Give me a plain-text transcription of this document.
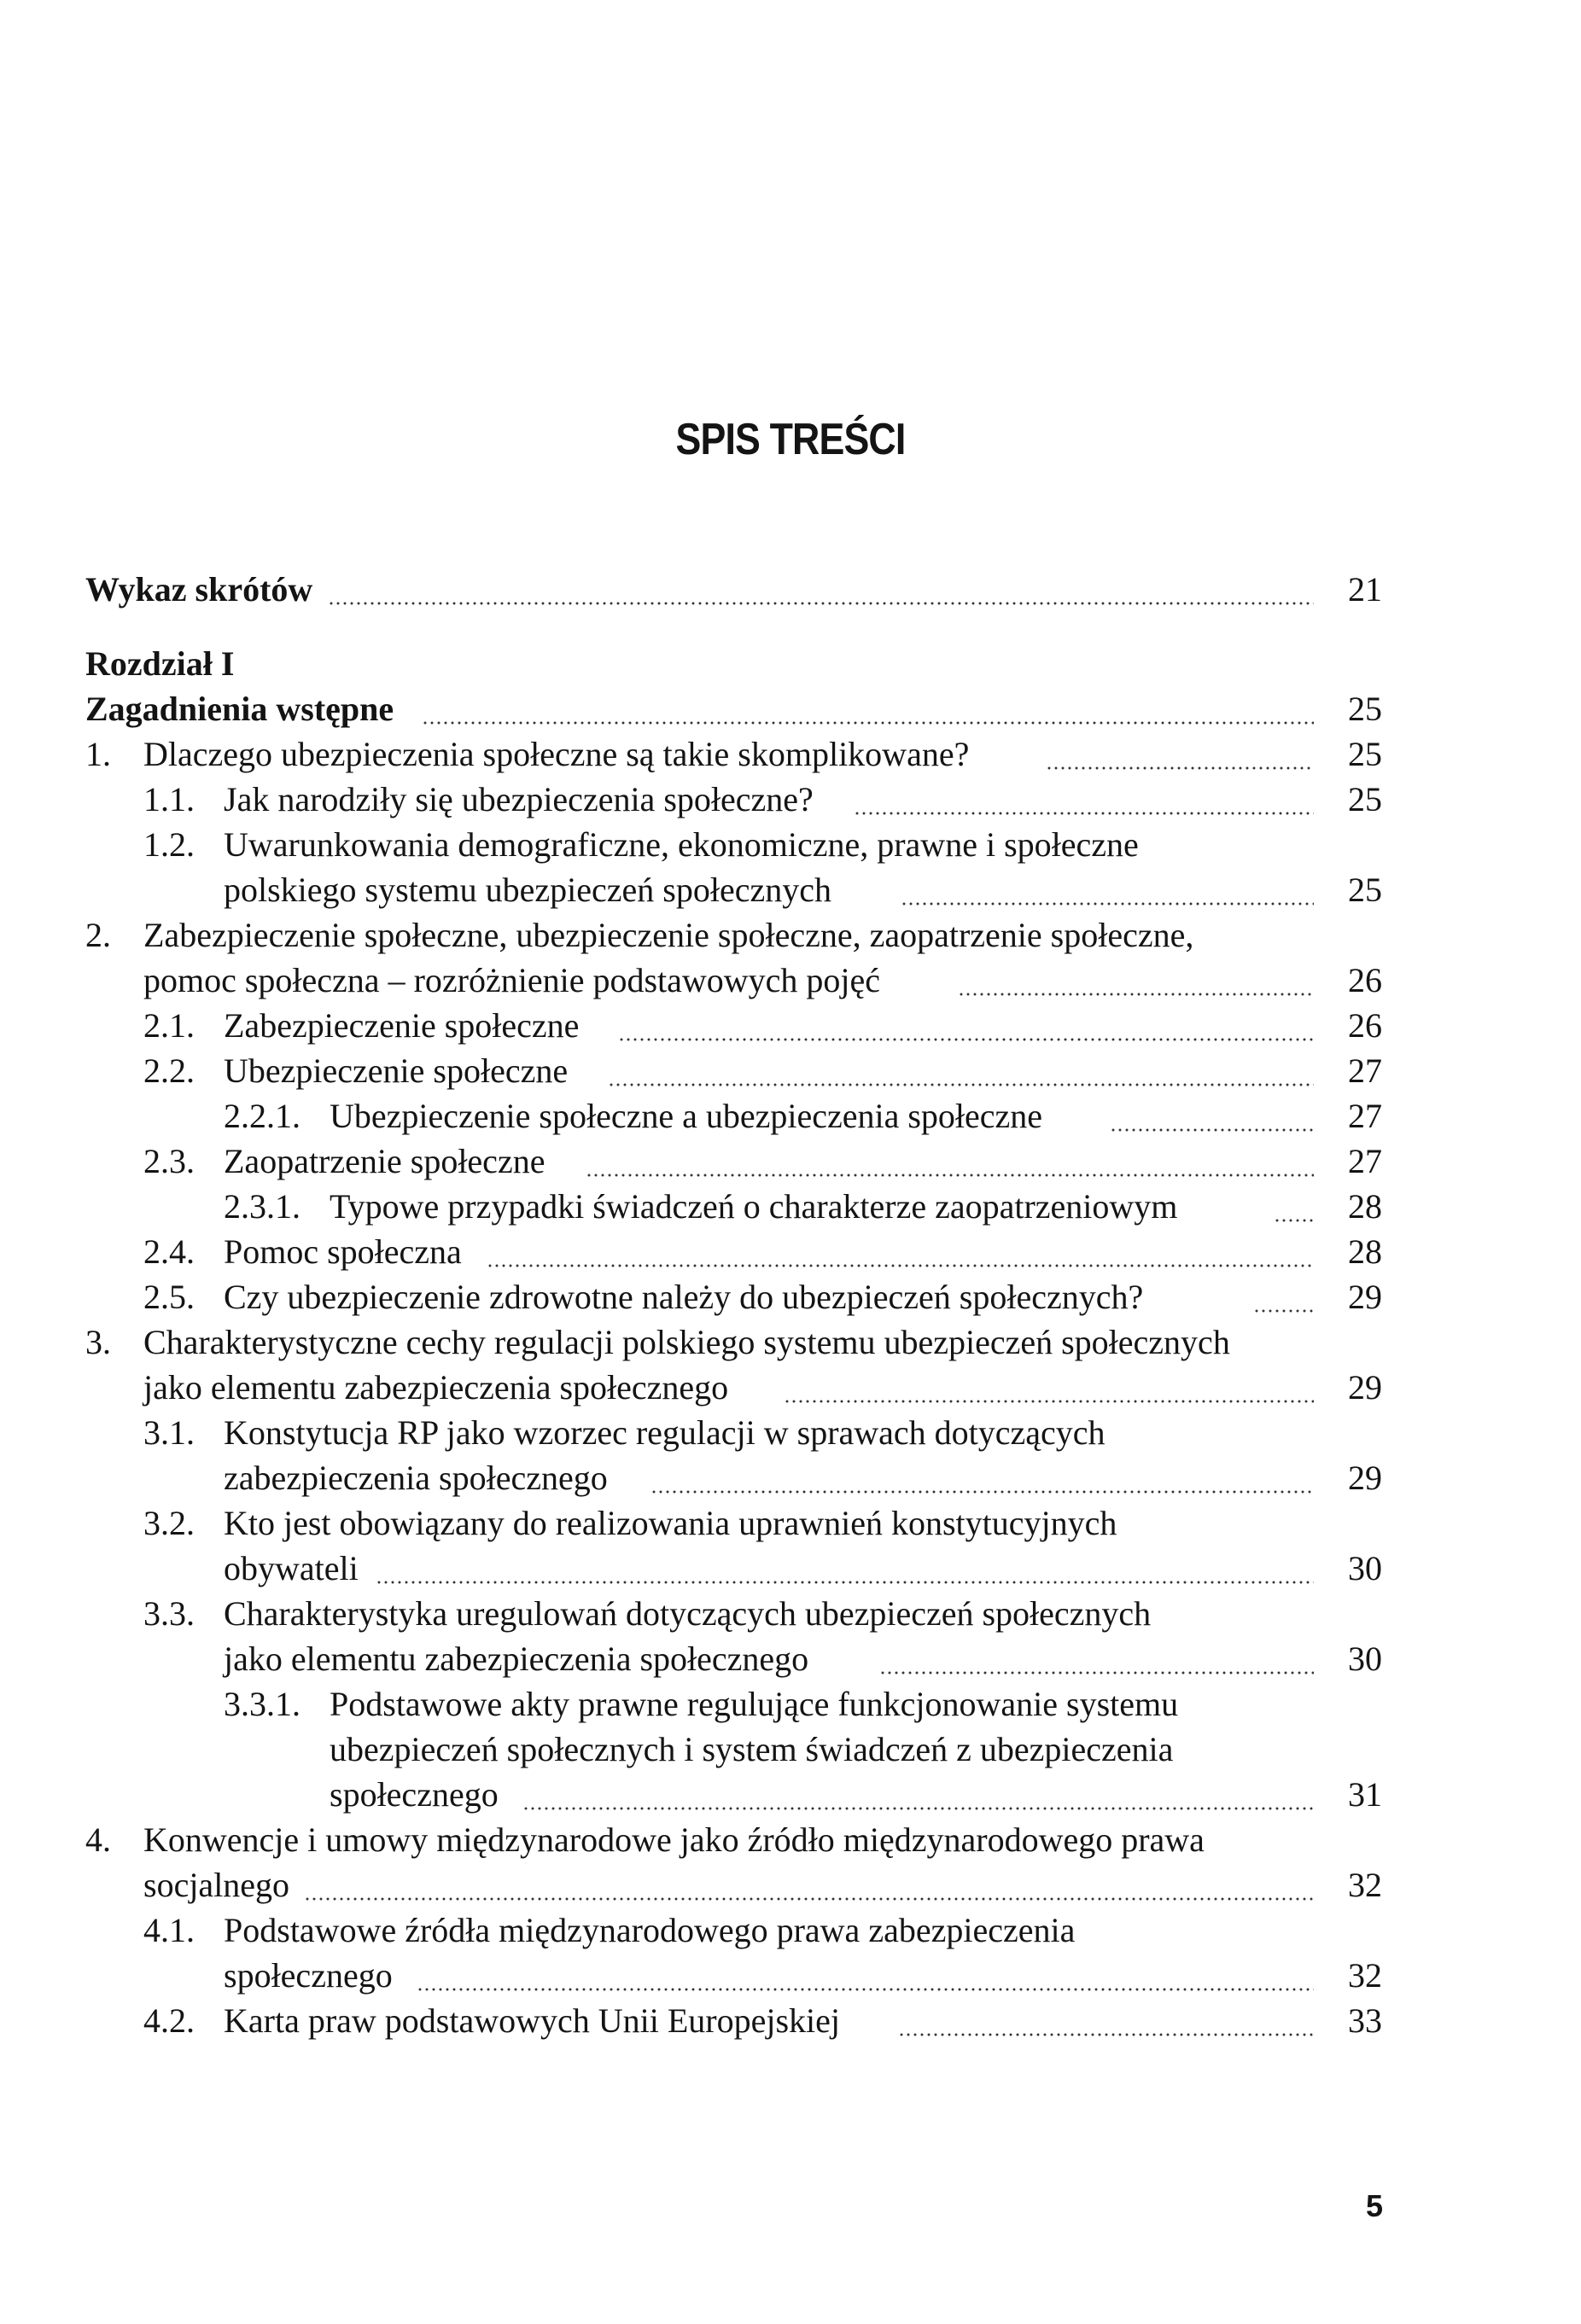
SPIS TREŚCI
Wykaz skrótów	21
Rozdział I
Zagadnienia wstępne	25
1. Dlaczego ubezpieczenia społeczne są takie skomplikowane?	25
1.1. Jak narodziły się ubezpieczenia społeczne?	25
1.2. Uwarunkowania demograficzne, ekonomiczne, prawne i społeczne
polskiego systemu ubezpieczeń społecznych	25
2. Zabezpieczenie społeczne, ubezpieczenie społeczne, zaopatrzenie społeczne,
pomoc społeczna – rozróżnienie podstawowych pojęć	26
2.1. Zabezpieczenie społeczne	26
2.2. Ubezpieczenie społeczne	27
2.2.1. Ubezpieczenie społeczne a ubezpieczenia społeczne	27
2.3. Zaopatrzenie społeczne	27
2.3.1. Typowe przypadki świadczeń o charakterze zaopatrzeniowym	28
2.4. Pomoc społeczna	28
2.5. Czy ubezpieczenie zdrowotne należy do ubezpieczeń społecznych?	29
3. Charakterystyczne cechy regulacji polskiego systemu ubezpieczeń społecznych
jako elementu zabezpieczenia społecznego	29
3.1. Konstytucja RP jako wzorzec regulacji w sprawach dotyczących
zabezpieczenia społecznego	29
3.2. Kto jest obowiązany do realizowania uprawnień konstytucyjnych
obywateli	30
3.3. Charakterystyka uregulowań dotyczących ubezpieczeń społecznych
jako elementu zabezpieczenia społecznego	30
3.3.1. Podstawowe akty prawne regulujące funkcjonowanie systemu
ubezpieczeń społecznych i system świadczeń z ubezpieczenia
społecznego	31
4. Konwencje i umowy międzynarodowe jako źródło międzynarodowego prawa
socjalnego	32
4.1. Podstawowe źródła międzynarodowego prawa zabezpieczenia
społecznego	32
4.2. Karta praw podstawowych Unii Europejskiej	33
5
